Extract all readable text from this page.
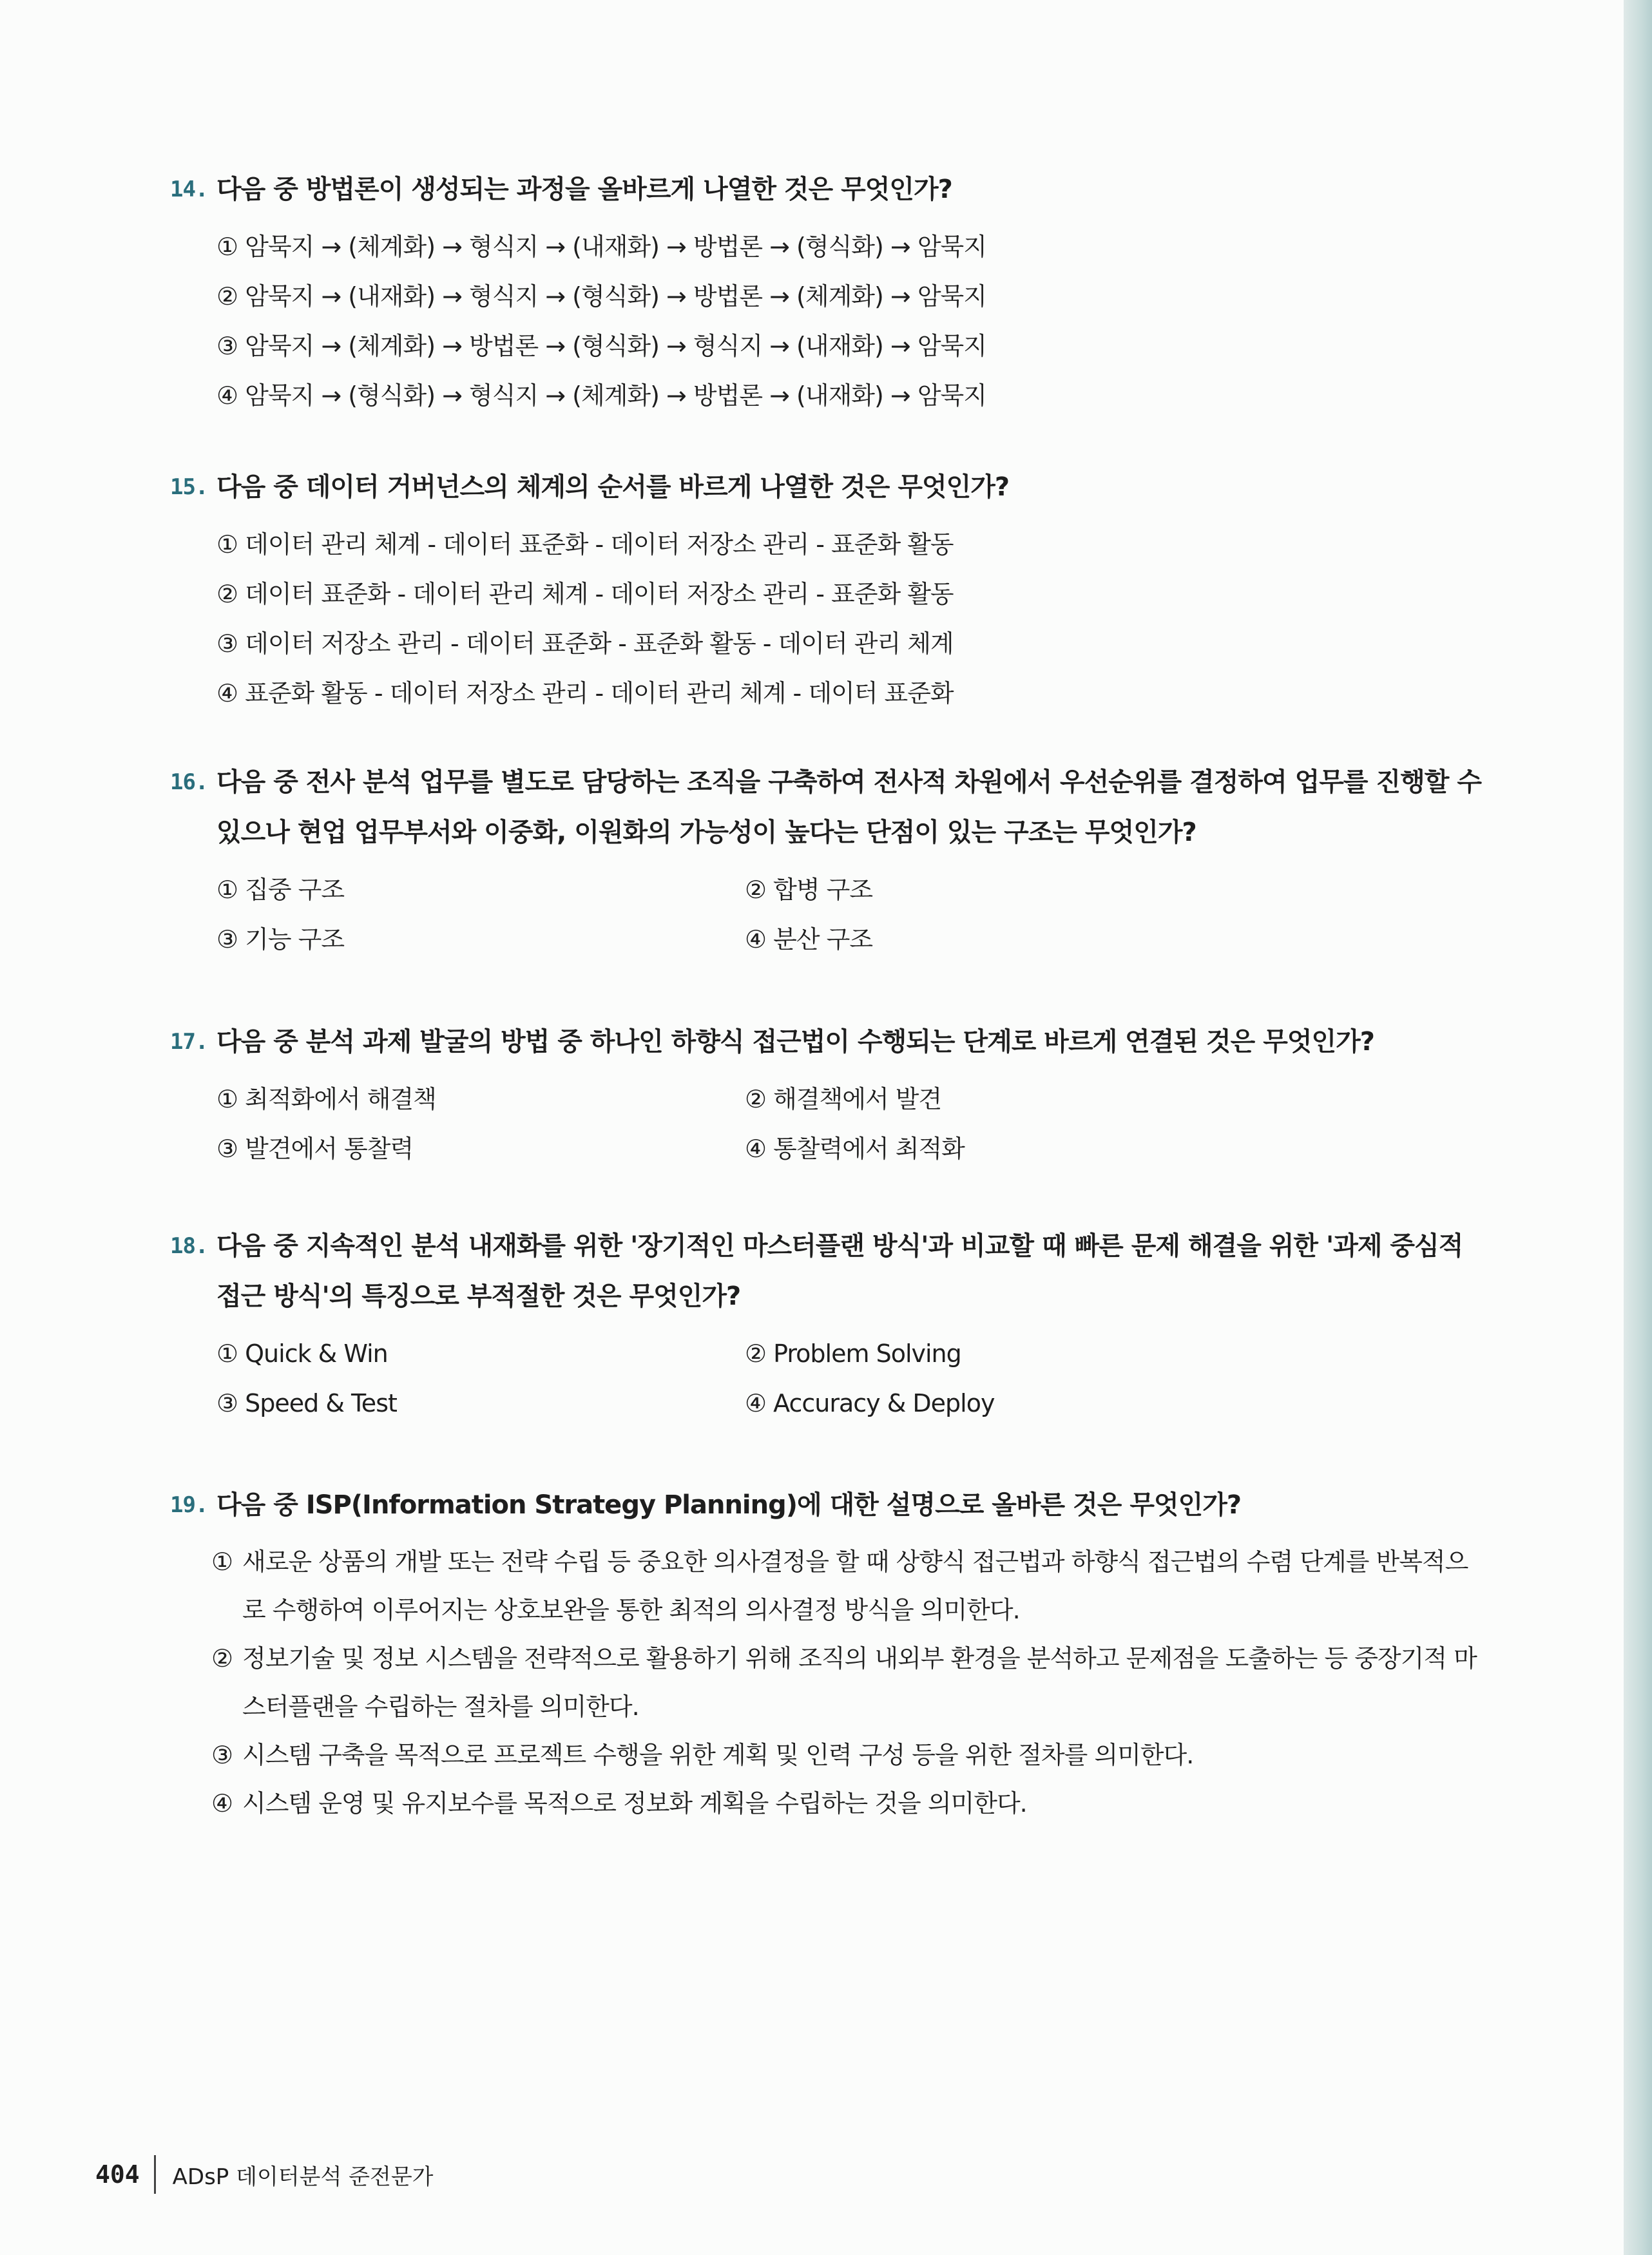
14. 다음 중 방법론이 생성되는 과정을 올바르게 나열한 것은 무엇인가?
① 암묵지 → (체계화) → 형식지 → (내재화) → 방법론 → (형식화) → 암묵지
② 암묵지 → (내재화) → 형식지 → (형식화) → 방법론 → (체계화) → 암묵지
③ 암묵지 → (체계화) → 방법론 → (형식화) → 형식지 → (내재화) → 암묵지
④ 암묵지 → (형식화) → 형식지 → (체계화) → 방법론 → (내재화) → 암묵지
15. 다음 중 데이터 거버넌스의 체계의 순서를 바르게 나열한 것은 무엇인가?
① 데이터 관리 체계 - 데이터 표준화 - 데이터 저장소 관리 - 표준화 활동
② 데이터 표준화 - 데이터 관리 체계 - 데이터 저장소 관리 - 표준화 활동
③ 데이터 저장소 관리 - 데이터 표준화 - 표준화 활동 - 데이터 관리 체계
④ 표준화 활동 - 데이터 저장소 관리 - 데이터 관리 체계 - 데이터 표준화
16. 다음 중 전사 분석 업무를 별도로 담당하는 조직을 구축하여 전사적 차원에서 우선순위를 결정하여 업무를 진행할 수 있으나 현업 업무부서와 이중화, 이원화의 가능성이 높다는 단점이 있는 구조는 무엇인가?
① 집중 구조	② 합병 구조
③ 기능 구조	④ 분산 구조
17. 다음 중 분석 과제 발굴의 방법 중 하나인 하향식 접근법이 수행되는 단계로 바르게 연결된 것은 무엇인가?
① 최적화에서 해결책	② 해결책에서 발견
③ 발견에서 통찰력	④ 통찰력에서 최적화
18. 다음 중 지속적인 분석 내재화를 위한 '장기적인 마스터플랜 방식'과 비교할 때 빠른 문제 해결을 위한 '과제 중심적 접근 방식'의 특징으로 부적절한 것은 무엇인가?
① Quick & Win	② Problem Solving
③ Speed & Test	④ Accuracy & Deploy
19. 다음 중 ISP(Information Strategy Planning)에 대한 설명으로 올바른 것은 무엇인가?
① 새로운 상품의 개발 또는 전략 수립 등 중요한 의사결정을 할 때 상향식 접근법과 하향식 접근법의 수렴 단계를 반복적으로 수행하여 이루어지는 상호보완을 통한 최적의 의사결정 방식을 의미한다.
② 정보기술 및 정보 시스템을 전략적으로 활용하기 위해 조직의 내외부 환경을 분석하고 문제점을 도출하는 등 중장기적 마스터플랜을 수립하는 절차를 의미한다.
③ 시스템 구축을 목적으로 프로젝트 수행을 위한 계획 및 인력 구성 등을 위한 절차를 의미한다.
④ 시스템 운영 및 유지보수를 목적으로 정보화 계획을 수립하는 것을 의미한다.
404	ADsP 데이터분석 준전문가
